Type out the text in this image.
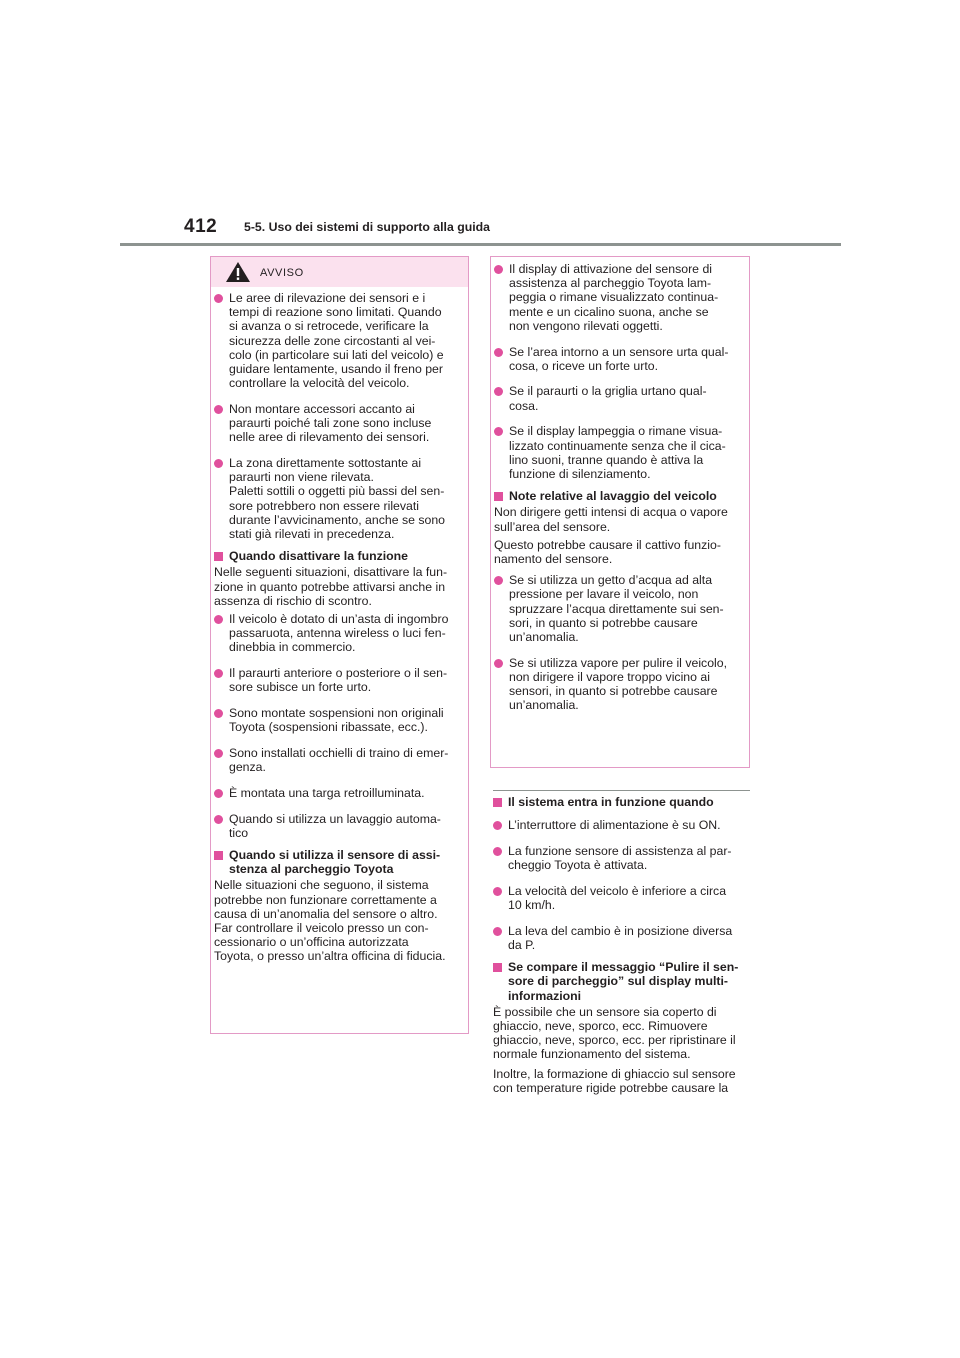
412 5-5. Uso dei sistemi di supporto alla guida
AVVISO
Le aree di rilevazione dei sensori e i
tempi di reazione sono limitati. Quando
si avanza o si retrocede, verificare la
sicurezza delle zone circostanti al vei-
colo (in particolare sui lati del veicolo) e
guidare lentamente, usando il freno per
controllare la velocità del veicolo.
Non montare accessori accanto ai
paraurti poiché tali zone sono incluse
nelle aree di rilevamento dei sensori.
La zona direttamente sottostante ai
paraurti non viene rilevata.
Paletti sottili o oggetti più bassi del sen-
sore potrebbero non essere rilevati
durante l’avvicinamento, anche se sono
stati già rilevati in precedenza.
Quando disattivare la funzione
Nelle seguenti situazioni, disattivare la fun-
zione in quanto potrebbe attivarsi anche in
assenza di rischio di scontro.
Il veicolo è dotato di un’asta di ingombro
passaruota, antenna wireless o luci fen-
dinebbia in commercio.
Il paraurti anteriore o posteriore o il sen-
sore subisce un forte urto.
Sono montate sospensioni non originali
Toyota (sospensioni ribassate, ecc.).
Sono installati occhielli di traino di emer-
genza.
È montata una targa retroilluminata.
Quando si utilizza un lavaggio automa-
tico
Quando si utilizza il sensore di assi-
stenza al parcheggio Toyota
Nelle situazioni che seguono, il sistema
potrebbe non funzionare correttamente a
causa di un’anomalia del sensore o altro.
Far controllare il veicolo presso un con-
cessionario o un’officina autorizzata
Toyota, o presso un’altra officina di fiducia.
Il display di attivazione del sensore di
assistenza al parcheggio Toyota lam-
peggia o rimane visualizzato continua-
mente e un cicalino suona, anche se
non vengono rilevati oggetti.
Se l’area intorno a un sensore urta qual-
cosa, o riceve un forte urto.
Se il paraurti o la griglia urtano qual-
cosa.
Se il display lampeggia o rimane visua-
lizzato continuamente senza che il cica-
lino suoni, tranne quando è attiva la
funzione di silenziamento.
Note relative al lavaggio del veicolo
Non dirigere getti intensi di acqua o vapore
sull’area del sensore.
Questo potrebbe causare il cattivo funzio-
namento del sensore.
Se si utilizza un getto d’acqua ad alta
pressione per lavare il veicolo, non
spruzzare l’acqua direttamente sui sen-
sori, in quanto si potrebbe causare
un’anomalia.
Se si utilizza vapore per pulire il veicolo,
non dirigere il vapore troppo vicino ai
sensori, in quanto si potrebbe causare
un’anomalia.
Il sistema entra in funzione quando
L’interruttore di alimentazione è su ON.
La funzione sensore di assistenza al par-
cheggio Toyota è attivata.
La velocità del veicolo è inferiore a circa
10 km/h.
La leva del cambio è in posizione diversa
da P.
Se compare il messaggio “Pulire il sen-
sore di parcheggio” sul display multi-
informazioni
È possibile che un sensore sia coperto di
ghiaccio, neve, sporco, ecc. Rimuovere
ghiaccio, neve, sporco, ecc. per ripristinare il
normale funzionamento del sistema.
Inoltre, la formazione di ghiaccio sul sensore
con temperature rigide potrebbe causare la
